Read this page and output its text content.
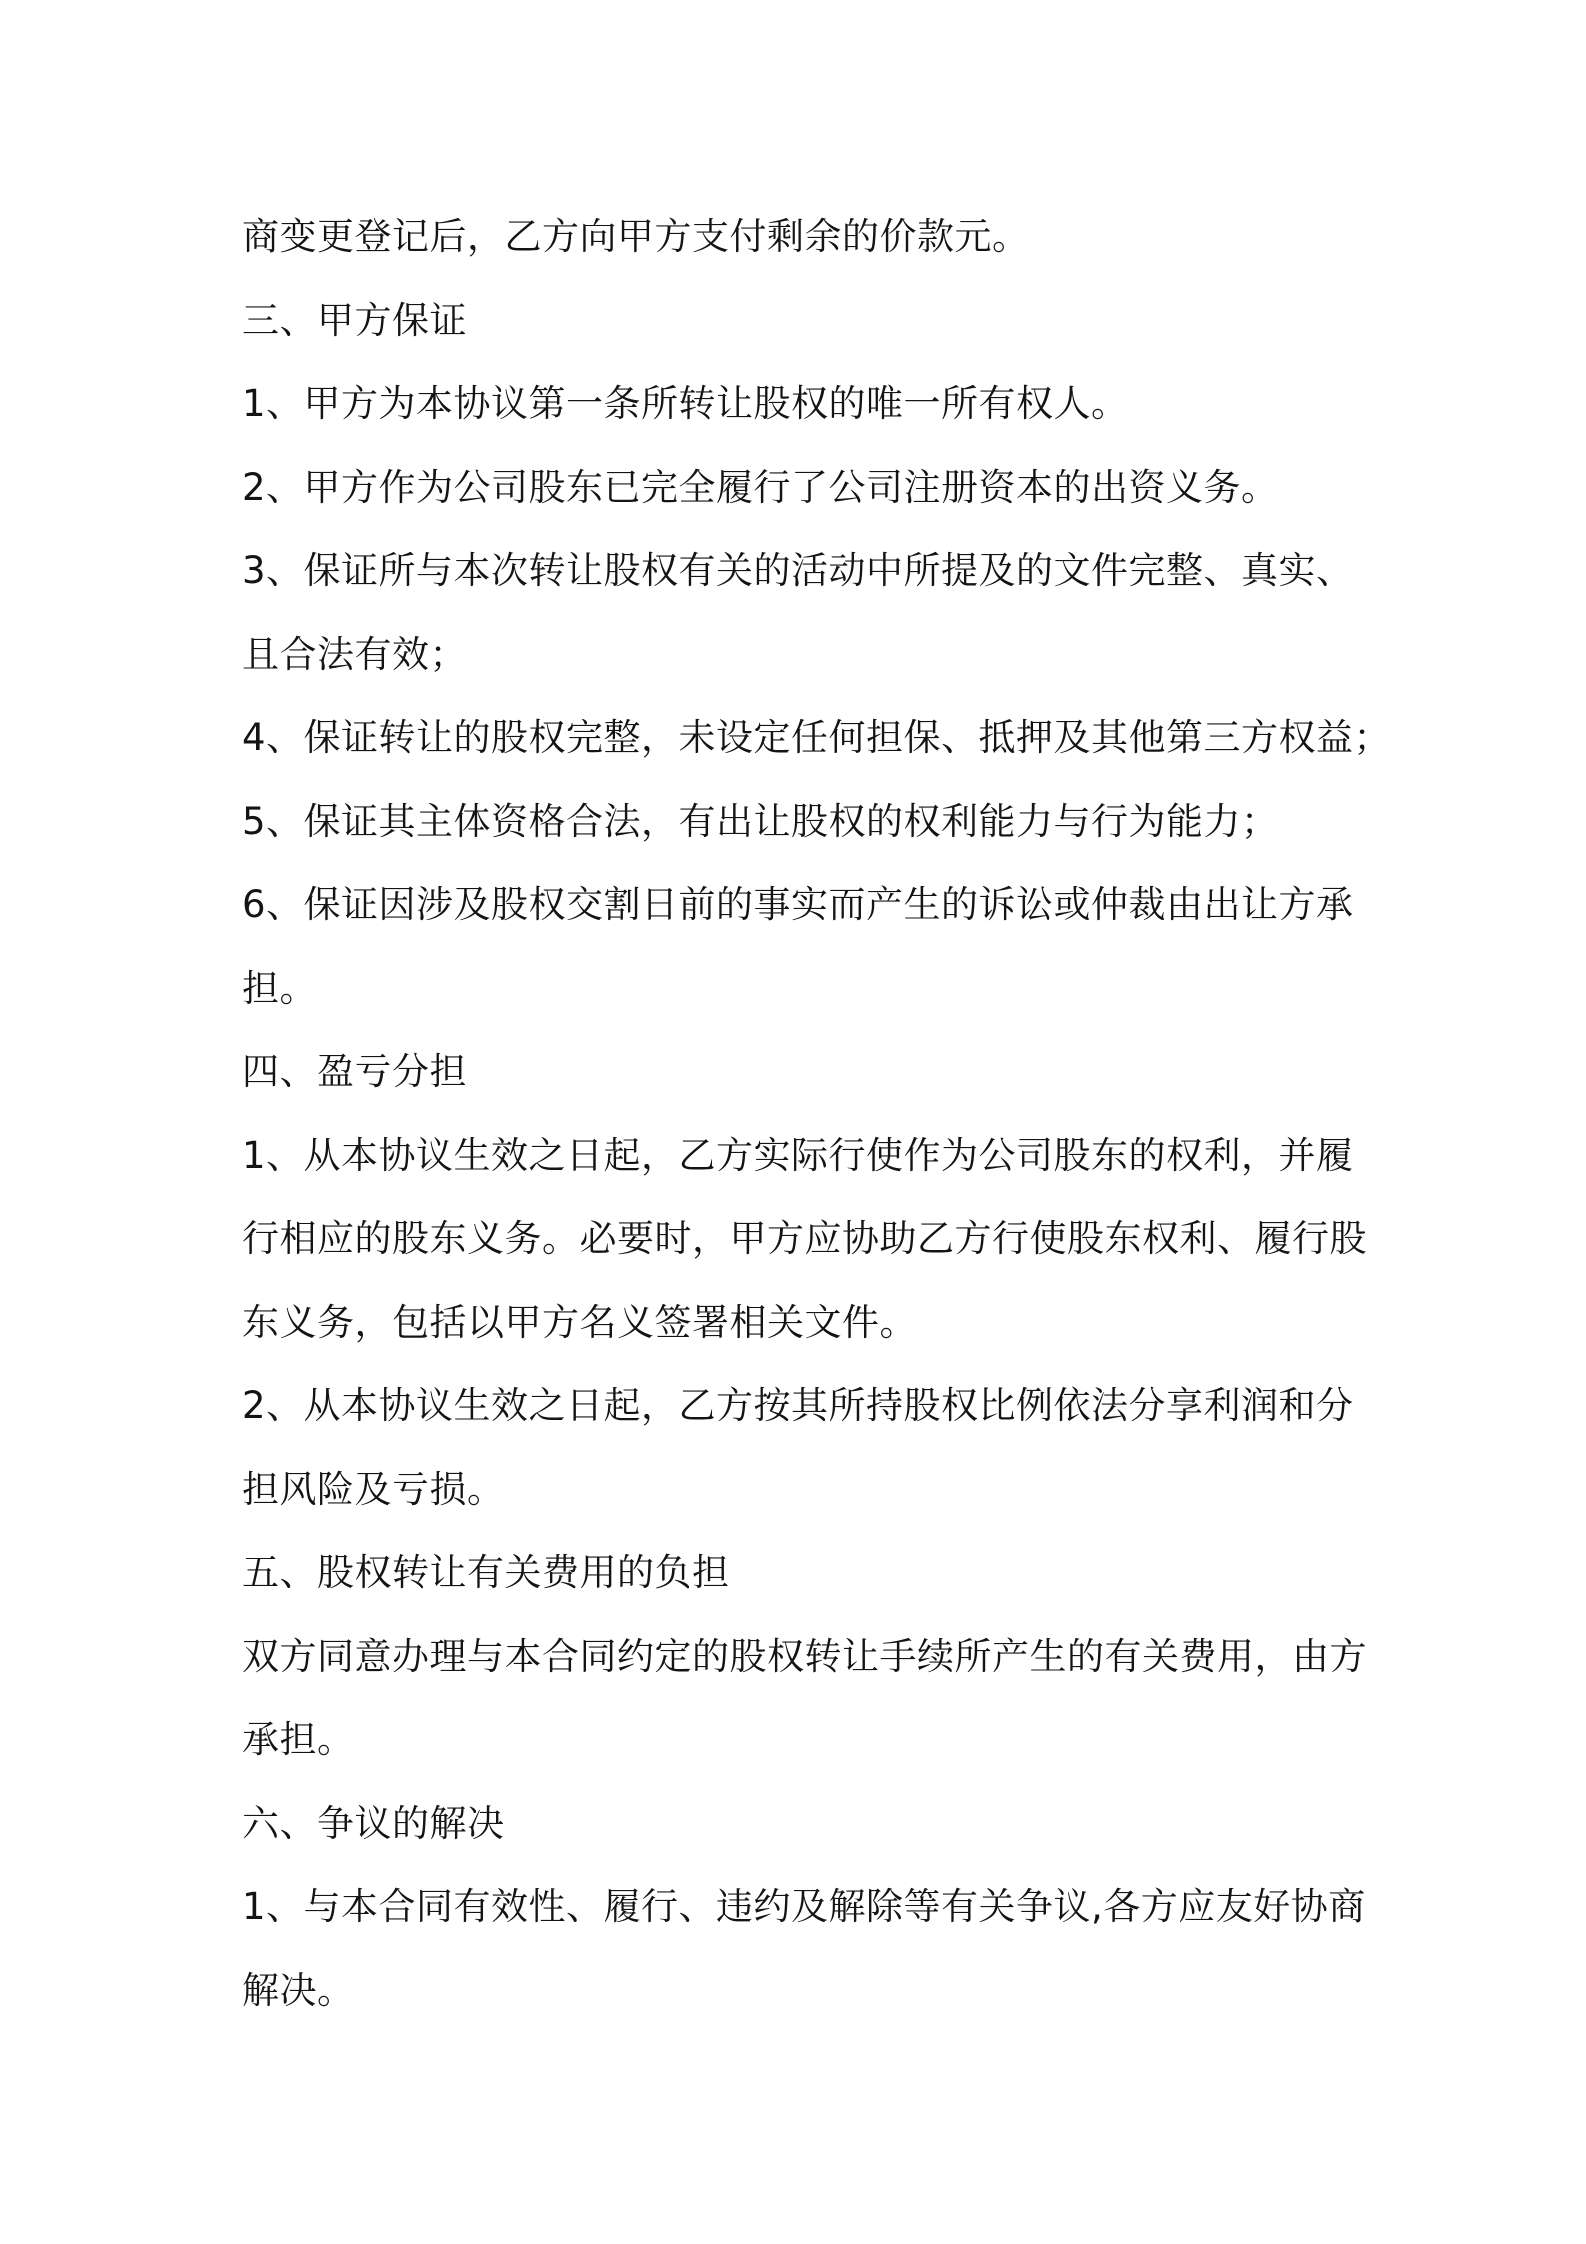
商变更登记后，乙方向甲方支付剩余的价款元。
三、甲方保证
1、甲方为本协议第一条所转让股权的唯一所有权人。
2、甲方作为公司股东已完全履行了公司注册资本的出资义务。
3、保证所与本次转让股权有关的活动中所提及的文件完整、真实、
且合法有效；
4、保证转让的股权完整，未设定任何担保、抵押及其他第三方权益；
5、保证其主体资格合法，有出让股权的权利能力与行为能力；
6、保证因涉及股权交割日前的事实而产生的诉讼或仲裁由出让方承
担。
四、盈亏分担
1、从本协议生效之日起，乙方实际行使作为公司股东的权利，并履
行相应的股东义务。必要时，甲方应协助乙方行使股东权利、履行股
东义务，包括以甲方名义签署相关文件。
2、从本协议生效之日起，乙方按其所持股权比例依法分享利润和分
担风险及亏损。
五、股权转让有关费用的负担
双方同意办理与本合同约定的股权转让手续所产生的有关费用，由方
承担。
六、争议的解决
1、与本合同有效性、履行、违约及解除等有关争议,各方应友好协商
解决。
